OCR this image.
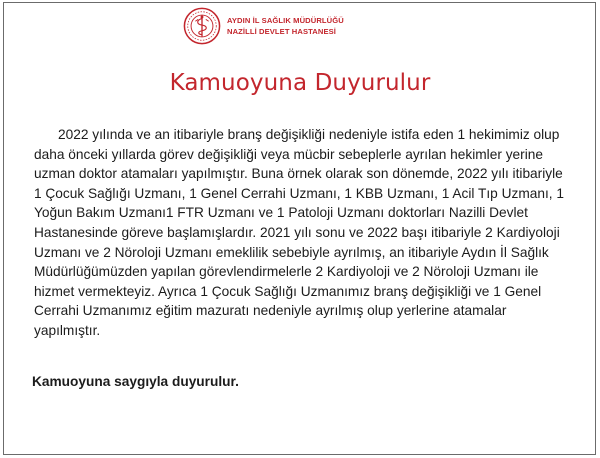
AYDIN İL SAĞLIK MÜDÜRLÜĞÜ
NAZİLLİ DEVLET HASTANESİ
Kamuoyuna Duyurulur
2022 yılında ve an itibariyle branş değişikliği nedeniyle istifa eden 1 hekimimiz olup
daha önceki yıllarda görev değişikliği veya mücbir sebeplerle ayrılan hekimler yerine
uzman doktor atamaları yapılmıştır. Buna örnek olarak son dönemde, 2022 yılı itibariyle
1 Çocuk Sağlığı Uzmanı, 1 Genel Cerrahi Uzmanı, 1 KBB Uzmanı, 1 Acil Tıp Uzmanı, 1
Yoğun Bakım Uzmanı1 FTR Uzmanı ve 1 Patoloji Uzmanı doktorları Nazilli Devlet
Hastanesinde göreve başlamışlardır. 2021 yılı sonu ve 2022 başı itibariyle 2 Kardiyoloji
Uzmanı ve 2 Nöroloji Uzmanı emeklilik sebebiyle ayrılmış, an itibariyle Aydın İl Sağlık
Müdürlüğümüzden yapılan görevlendirmelerle 2 Kardiyoloji ve 2 Nöroloji Uzmanı ile
hizmet vermekteyiz. Ayrıca 1 Çocuk Sağlığı Uzmanımız branş değişikliği ve 1 Genel
Cerrahi Uzmanımız eğitim mazuratı nedeniyle ayrılmış olup yerlerine atamalar
yapılmıştır.
Kamuoyuna saygıyla duyurulur.
